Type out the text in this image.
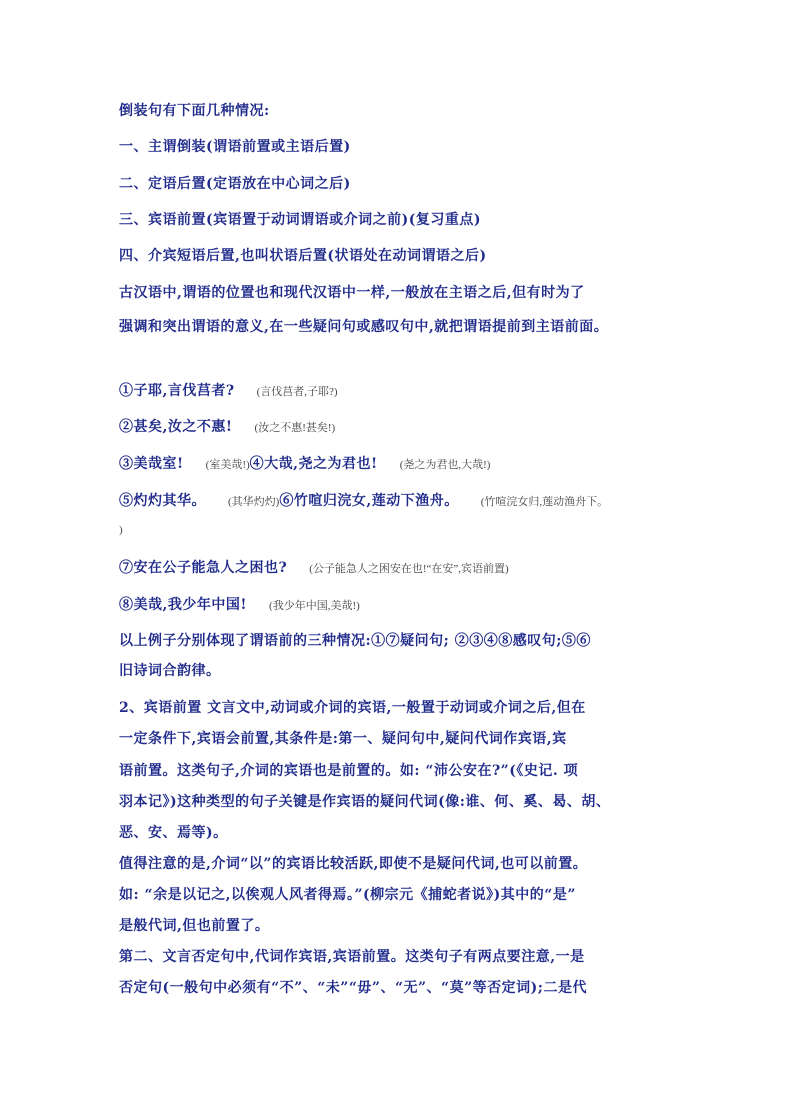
倒装句有下面几种情况:
一、主谓倒装(谓语前置或主语后置)
二、定语后置(定语放在中心词之后)
三、宾语前置(宾语置于动词谓语或介词之前)(复习重点)
四、介宾短语后置,也叫状语后置(状语处在动词谓语之后)
古汉语中,谓语的位置也和现代汉语中一样,一般放在主语之后,但有时为了
强调和突出谓语的意义,在一些疑问句或感叹句中,就把谓语提前到主语前面。
①子耶,言伐莒者? (言伐莒者,子耶?)
②甚矣,汝之不惠! (汝之不惠!甚矣!)
③美哉室! (室美哉!)④大哉,尧之为君也! (尧之为君也,大哉!)
⑤灼灼其华。 (其华灼灼)⑥竹喧归浣女,莲动下渔舟。 (竹喧浣女归,莲动渔舟下。
)
⑦安在公子能急人之困也? (公子能急人之困安在也!“在安”,宾语前置)
⑧美哉,我少年中国! (我少年中国,美哉!)
以上例子分别体现了谓语前的三种情况:①⑦疑问句; ②③④⑧感叹句;⑤⑥
旧诗词合韵律。
2、宾语前置 文言文中,动词或介词的宾语,一般置于动词或介词之后,但在
一定条件下,宾语会前置,其条件是:第一、疑问句中,疑问代词作宾语,宾
语前置。这类句子,介词的宾语也是前置的。如: “沛公安在?”(《史记. 项
羽本记》)这种类型的句子关键是作宾语的疑问代词(像:谁、何、奚、曷、胡、
恶、安、焉等)。
值得注意的是,介词“以”的宾语比较活跃,即使不是疑问代词,也可以前置。
如: “余是以记之,以俟观人风者得焉。”(柳宗元《捕蛇者说》)其中的“是”
是般代词,但也前置了。
第二、文言否定句中,代词作宾语,宾语前置。这类句子有两点要注意,一是
否定句(一般句中必须有“不”、“未”“毋”、“无”、“莫”等否定词);二是代
